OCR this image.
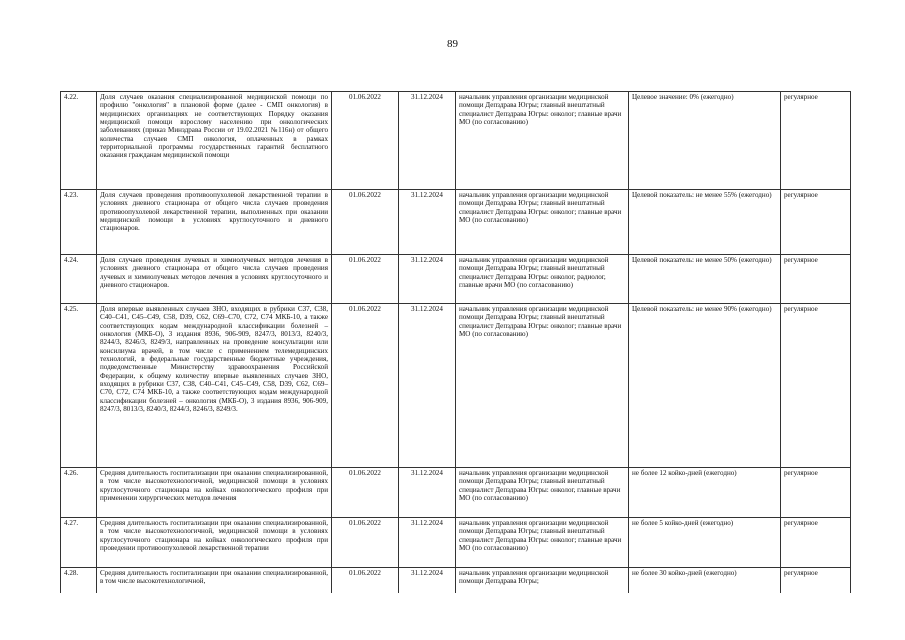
89
4.22.	Доля случаев оказания специализированной медицинской помощи по профилю "онкология" в плановой форме (далее - СМП онкология) в медицинских организациях не соответствующих Порядку оказания медицинской помощи взрослому населению при онкологических заболеваниях (приказ Минздрава России от 19.02.2021 №116н) от общего количества случаев СМП онкология, оплаченных в рамках территориальной программы государственных гарантий бесплатного оказания гражданам медицинской помощи	01.06.2022	31.12.2024	начальник управления организации медицинской помощи Депздрава Югры; главный внештатный специалист Депздрава Югры: онколог; главные врачи МО (по согласованию)	Целевое значение: 0% (ежегодно)	регулярное
4.23.	Доля случаев проведения противоопухолевой лекарственной терапии в условиях дневного стационара от общего числа случаев проведения противоопухолевой лекарственной терапии, выполненных при оказании медицинской помощи в условиях круглосуточного и дневного стационаров.	01.06.2022	31.12.2024	начальник управления организации медицинской помощи Депздрава Югры; главный внештатный специалист Депздрава Югры: онколог; главные врачи МО (по согласованию)	Целевой показатель: не менее 55% (ежегодно)	регулярное
4.24.	Доля случаев проведения лучевых и химиолучевых методов лечения в условиях дневного стационара от общего числа случаев проведения лучевых и химиолучевых методов лечения в условиях круглосуточного и дневного стационаров.	01.06.2022	31.12.2024	начальник управления организации медицинской помощи Депздрава Югры; главный внештатный специалист Депздрава Югры: онколог, радиолог, главные врачи МО (по согласованию)	Целевой показатель: не менее 50% (ежегодно)	регулярное
4.25.	Доля впервые выявленных случаев ЗНО, входящих в рубрики C37, C38, C40–C41, C45–C49, C58, D39, C62, C69–C70, C72, C74 МКБ-10, а также соответствующих кодам международной классификации болезней – онкология (МКБ-О), 3 издания 8936, 906-909, 8247/3, 8013/3, 8240/3, 8244/3, 8246/3, 8249/3, направленных на проведение консультации или консилиума врачей, в том числе с применением телемедицинских технологий, в федеральные государственные бюджетные учреждения, подведомственные Министерству здравоохранения Российской Федерации, к общему количеству впервые выявленных случаев ЗНО, входящих в рубрики C37, C38, C40–C41, C45–C49, C58, D39, C62, C69–C70, C72, C74 МКБ-10, а также соответствующих кодам международной классификации болезней – онкология (МКБ-О), 3 издания 8936, 906-909, 8247/3, 8013/3, 8240/3, 8244/3, 8246/3, 8249/3.	01.06.2022	31.12.2024	начальник управления организации медицинской помощи Депздрава Югры; главный внештатный специалист Депздрава Югры: онколог; главные врачи МО (по согласованию)	Целевой показатель: не менее 90% (ежегодно)	регулярное
4.26.	Средняя длительность госпитализации при оказании специализированной, в том числе высокотехнологичной, медицинской помощи в условиях круглосуточного стационара на койках онкологического профиля при применении хирургических методов лечения	01.06.2022	31.12.2024	начальник управления организации медицинской помощи Депздрава Югры; главный внештатный специалист Депздрава Югры: онколог, главные врачи МО (по согласованию)	не более 12 койко-дней (ежегодно)	регулярное
4.27.	Средняя длительность госпитализации при оказании специализированной, в том числе высокотехнологичной, медицинской помощи в условиях круглосуточного стационара на койках онкологического профиля при проведении противоопухолевой лекарственной терапии	01.06.2022	31.12.2024	начальник управления организации медицинской помощи Депздрава Югры; главный внештатный специалист Депздрава Югры: онколог; главные врачи МО (по согласованию)	не более 5 койко-дней (ежегодно)	регулярное
4.28.	Средняя длительность госпитализации при оказании специализированной, в том числе высокотехнологичной,	01.06.2022	31.12.2024	начальник управления организации медицинской помощи Депздрава Югры;	не более 30 койко-дней (ежегодно)	регулярное
